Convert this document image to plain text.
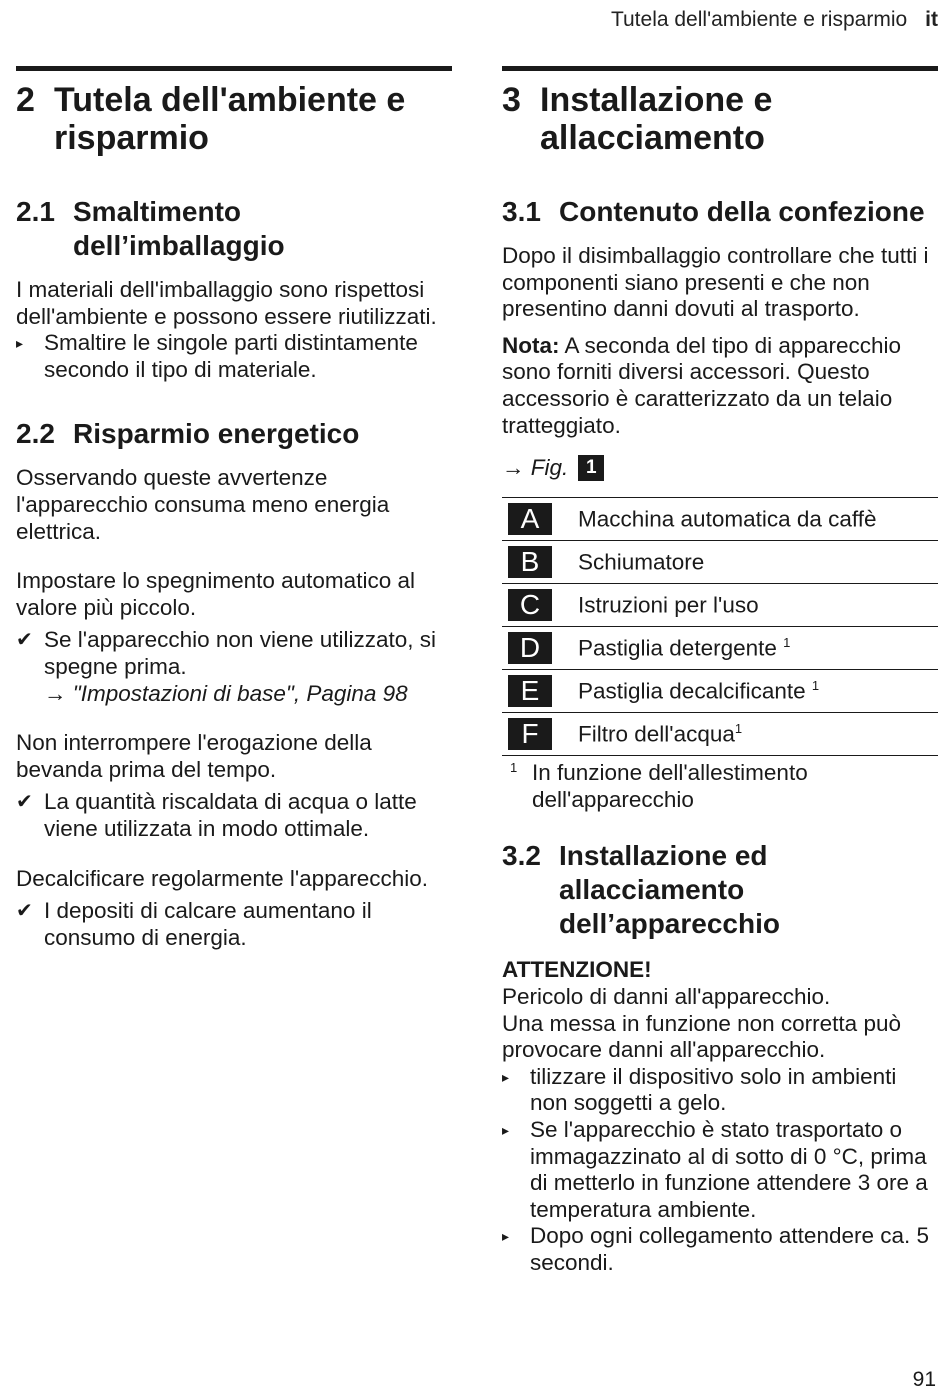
Tutela dell'ambiente e risparmio it
2 Tutela dell'ambiente e risparmio
2.1 Smaltimento dell’imballaggio

I materiali dell'imballaggio sono rispettosi dell'ambiente e possono essere riutilizzati.

▸ Smaltire le singole parti distintamente secondo il tipo di materiale.
2.2 Risparmio energetico

Osservando queste avvertenze l'apparecchio consuma meno energia elettrica.

Impostare lo spegnimento automatico al valore più piccolo.

✔ Se l'apparecchio non viene utilizzato, si spegne prima.
→ "Impostazioni di base", Pagina 98

Non interrompere l'erogazione della bevanda prima del tempo.

✔ La quantità riscaldata di acqua o latte viene utilizzata in modo ottimale.

Decalcificare regolarmente l'apparecchio.

✔ I depositi di calcare aumentano il consumo di energia.
3 Installazione e allacciamento
3.1 Contenuto della confezione

Dopo il disimballaggio controllare che tutti i componenti siano presenti e che non presentino danni dovuti al trasporto.

Nota: A seconda del tipo di apparecchio sono forniti diversi accessori. Questo accessorio è caratterizzato da un telaio tratteggiato.

→ Fig. 1
A	Macchina automatica da caffè

B	Schiumatore

C	Istruzioni per l'uso

D	Pastiglia detergente $^1$

E	Pastiglia decalcificante $^1$

F	Filtro dell'acqua$^1$
1 In funzione dell'allestimento dell'apparecchio
3.2 Installazione ed allacciamento dell’apparecchio

ATTENZIONE!

Pericolo di danni all'apparecchio.

Una messa in funzione non corretta può provocare danni all'apparecchio.

▸ tilizzare il dispositivo solo in ambienti non soggetti a gelo.
▸ Se l'apparecchio è stato trasportato o immagazzinato al di sotto di 0 °C, prima di metterlo in funzione attendere 3 ore a temperatura ambiente.
▸ Dopo ogni collegamento attendere ca. 5 secondi.
91
